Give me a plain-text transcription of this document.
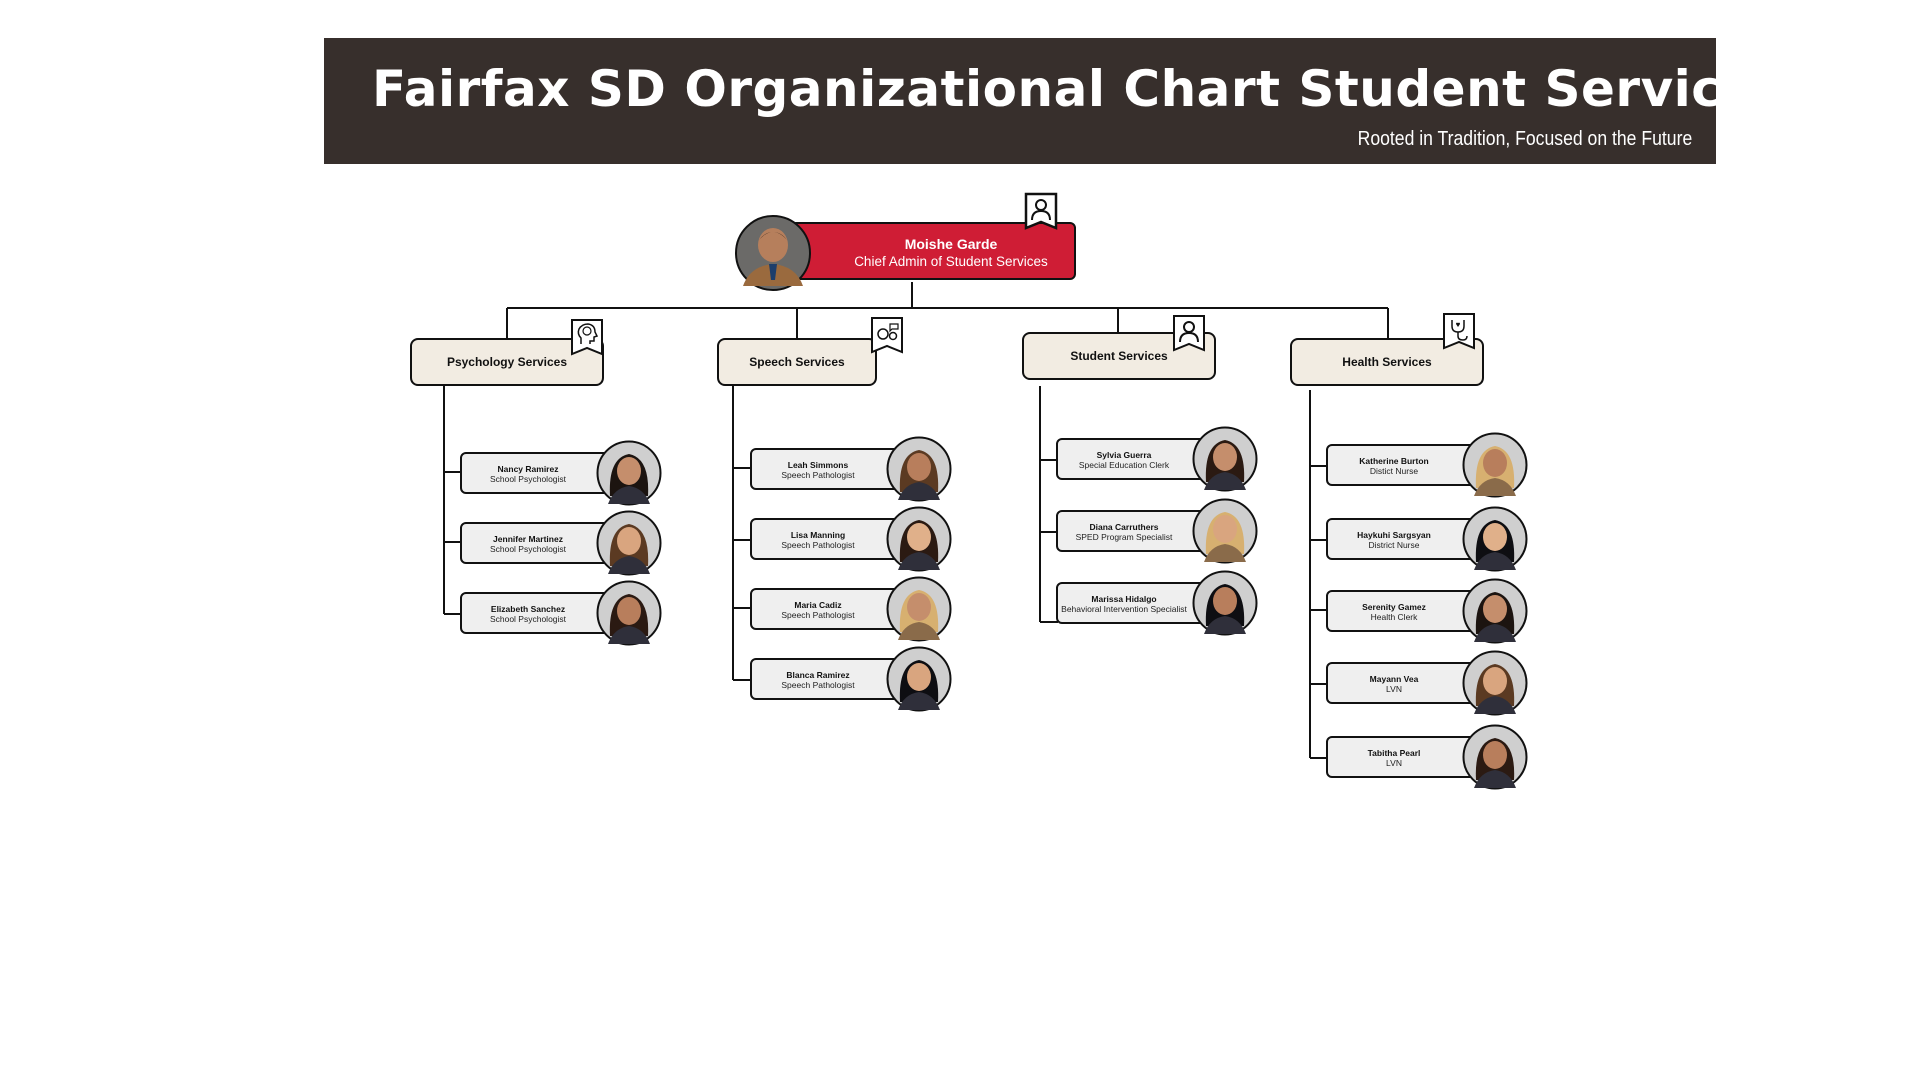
Fairfax SD Organizational Chart Student Services
Rooted in Tradition, Focused on the Future
Moishe Garde
Chief Admin of Student Services
Psychology Services	Speech Services	Student Services	Health Services
Nancy Ramirez
School Psychologist
Jennifer Martinez
School Psychologist
Elizabeth Sanchez
School Psychologist
Leah Simmons
Speech Pathologist
Lisa Manning
Speech Pathologist
Maria Cadiz
Speech Pathologist
Blanca Ramirez
Speech Pathologist
Sylvia Guerra
Special Education Clerk
Diana Carruthers
SPED Program Specialist
Marissa Hidalgo
Behavioral Intervention Specialist
Katherine Burton
Distict Nurse
Haykuhi Sargsyan
District Nurse
Serenity Gamez
Health Clerk
Mayann Vea
LVN
Tabitha Pearl
LVN
